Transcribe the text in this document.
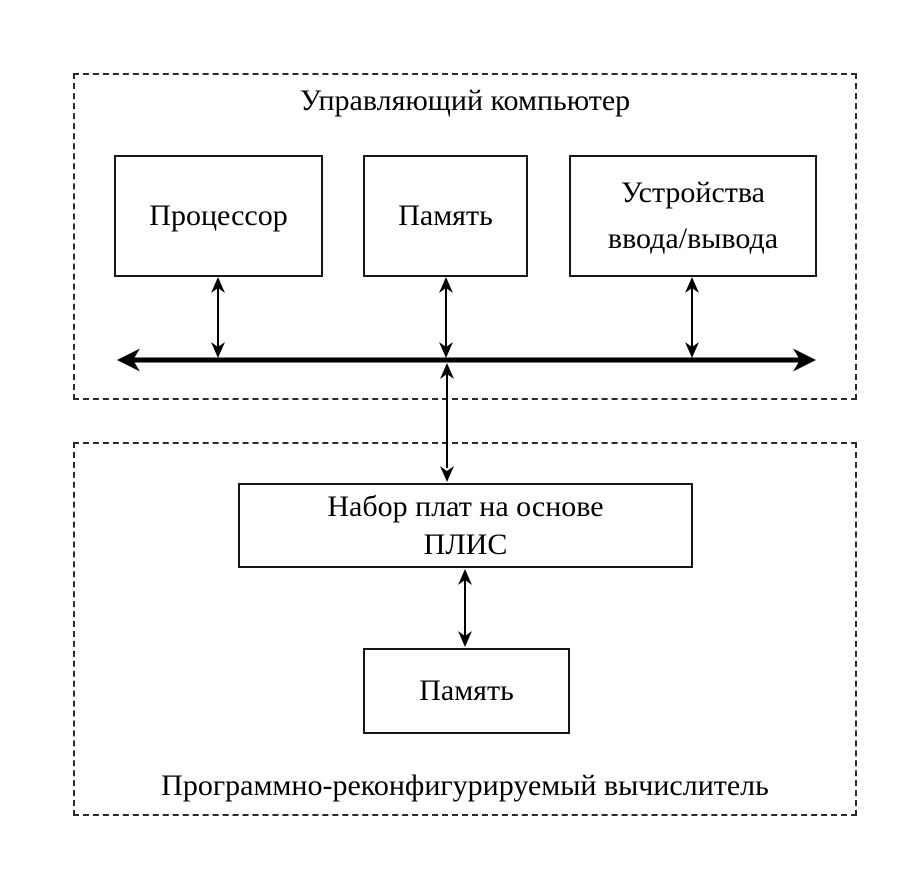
Управляющий компьютер
Программно-реконфигурируемый вычислитель
Процессор	Память
Устройства
ввода/вывода
Набор плат на основе
ПЛИС
Память
